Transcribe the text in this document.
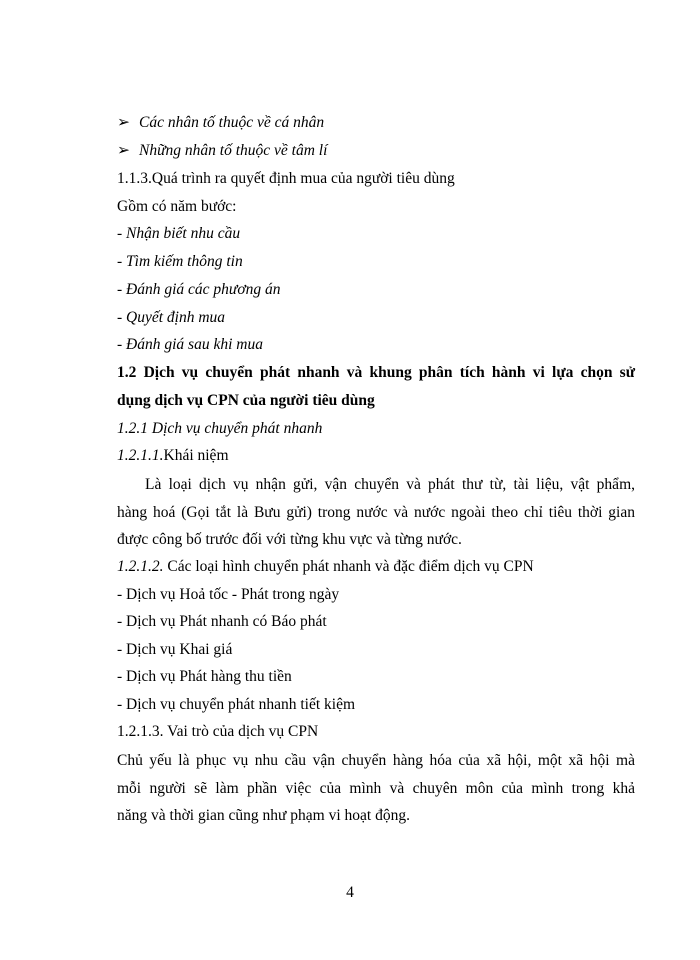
➢ Các nhân tố thuộc về cá nhân
➢ Những nhân tố thuộc về tâm lí
1.1.3.Quá trình ra quyết định mua của người tiêu dùng
Gồm có năm bước:
- Nhận biết nhu cầu
- Tìm kiếm thông tin
- Đánh giá các phương án
- Quyết định mua
- Đánh giá sau khi mua
1.2 Dịch vụ chuyển phát nhanh và khung phân tích hành vi lựa chọn sử
dụng dịch vụ CPN của người tiêu dùng
1.2.1 Dịch vụ chuyển phát nhanh
1.2.1.1.Khái niệm
Là loại dịch vụ nhận gửi, vận chuyển và phát thư từ, tài liệu, vật phẩm,
hàng hoá (Gọi tắt là Bưu gửi) trong nước và nước ngoài theo chỉ tiêu thời gian
được công bố trước đối với từng khu vực và từng nước.
1.2.1.2. Các loại hình chuyển phát nhanh và đặc điểm dịch vụ CPN
- Dịch vụ Hoả tốc - Phát trong ngày
- Dịch vụ Phát nhanh có Báo phát
- Dịch vụ Khai giá
- Dịch vụ Phát hàng thu tiền
- Dịch vụ chuyển phát nhanh tiết kiệm
1.2.1.3. Vai trò của dịch vụ CPN
Chủ yếu là phục vụ nhu cầu vận chuyển hàng hóa của xã hội, một xã hội mà
mỗi người sẽ làm phần việc của mình và chuyên môn của mình trong khả
năng và thời gian cũng như phạm vi hoạt động.
4
